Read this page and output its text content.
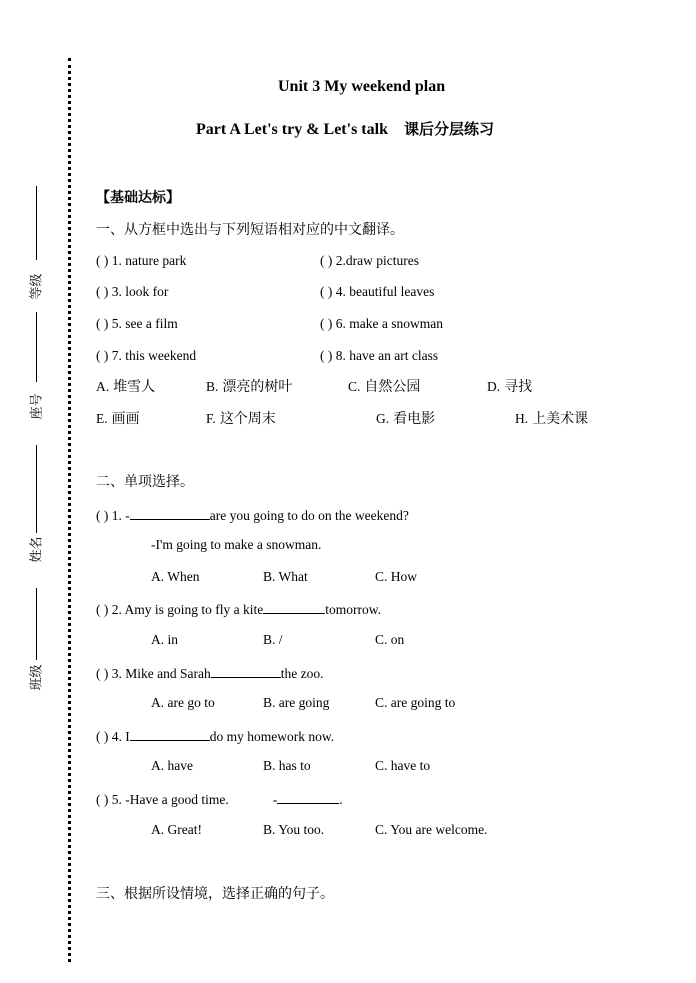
等级
座号
姓名
班级
Unit 3 My weekend plan
Part A Let's try & Let's talk 课后分层练习
【基础达标】
一、从方框中选出与下列短语相对应的中文翻译。
( ) 1. nature park	( ) 2.draw pictures
( ) 3. look for	( ) 4. beautiful leaves
( ) 5. see a film	( ) 6. make a snowman
( ) 7. this weekend	( ) 8. have an art class
A. 堆雪人	B. 漂亮的树叶	C. 自然公园	D. 寻找
E. 画画	F. 这个周末	G. 看电影	H. 上美术课
二、单项选择。
( ) 1. -	are you going to do on the weekend?
-I'm going to make a snowman.
A. When	B. What	C. How
( ) 2. Amy is going to fly a kite	tomorrow.
A. in	B. /	C. on
( ) 3. Mike and Sarah	the zoo.
A. are go to	B. are going	C. are going to
( ) 4. I	do my homework now.
A. have	B. has to	C. have to
( ) 5. -Have a good time.	-	.
A. Great!	B. You too.	C. You are welcome.
三、根据所设情境，选择正确的句子。
